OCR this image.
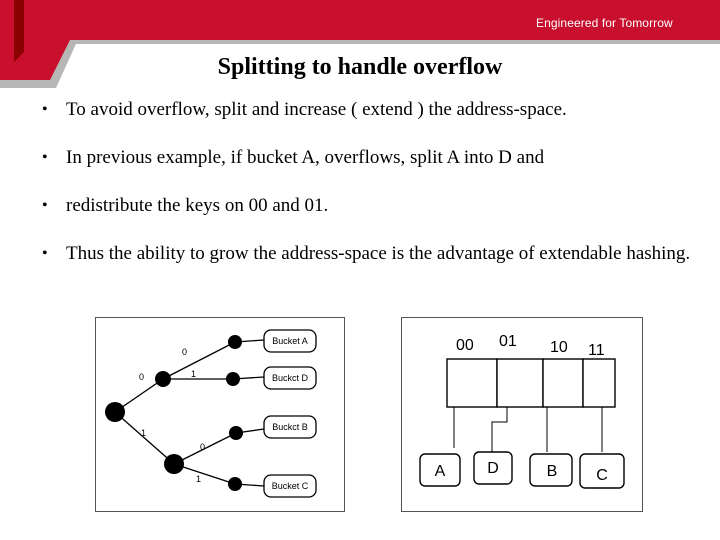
Engineered for Tomorrow
Splitting to handle overflow
• To avoid overflow, split and increase ( extend ) the address-space.
• In previous example, if bucket A, overflows, split A into D and
• redistribute the keys on 00 and 01.
• Thus the ability to grow the address-space is the advantage of extendable hashing.
0
0	1
1
0
1
Bucket A
Buckct D
Buckct B
Bucket C
00 01 10 11
A	D	B C
